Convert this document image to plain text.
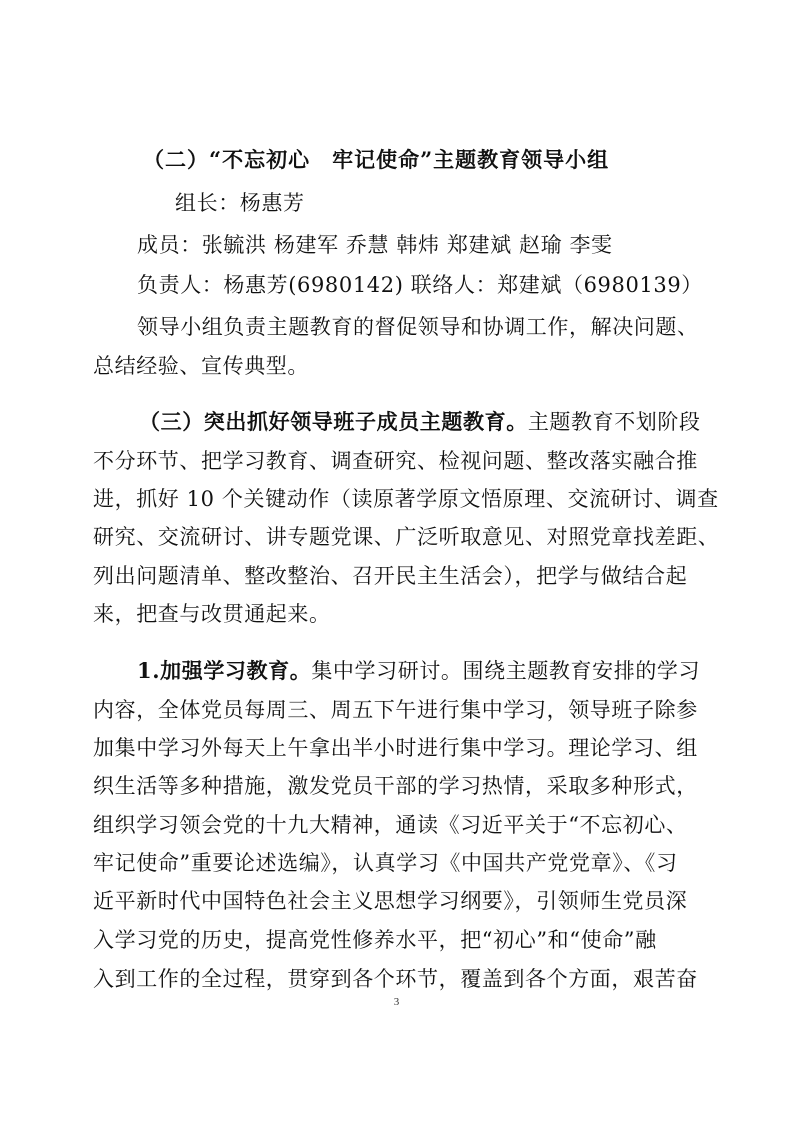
（二）“不忘初心　牢记使命”主题教育领导小组
组长：杨惠芳
成员：张毓洪 杨建军 乔慧 韩炜 郑建斌 赵瑜 李雯
负责人：杨惠芳(6980142) 联络人：郑建斌（6980139）
领导小组负责主题教育的督促领导和协调工作，解决问题、
总结经验、宣传典型。
（三）突出抓好领导班子成员主题教育。主题教育不划阶段
不分环节、把学习教育、调查研究、检视问题、整改落实融合推
进，抓好 10 个关键动作（读原著学原文悟原理、交流研讨、调查
研究、交流研讨、讲专题党课、广泛听取意见、对照党章找差距、
列出问题清单、整改整治、召开民主生活会），把学与做结合起
来，把查与改贯通起来。
1.加强学习教育。集中学习研讨。围绕主题教育安排的学习
内容，全体党员每周三、周五下午进行集中学习，领导班子除参
加集中学习外每天上午拿出半小时进行集中学习。理论学习、组
织生活等多种措施，激发党员干部的学习热情，采取多种形式，
组织学习领会党的十九大精神，通读《习近平关于“不忘初心、
牢记使命”重要论述选编》，认真学习《中国共产党党章》、《习
近平新时代中国特色社会主义思想学习纲要》，引领师生党员深
入学习党的历史，提高党性修养水平，把“初心”和“使命”融
3
入到工作的全过程，贯穿到各个环节，覆盖到各个方面，艰苦奋
